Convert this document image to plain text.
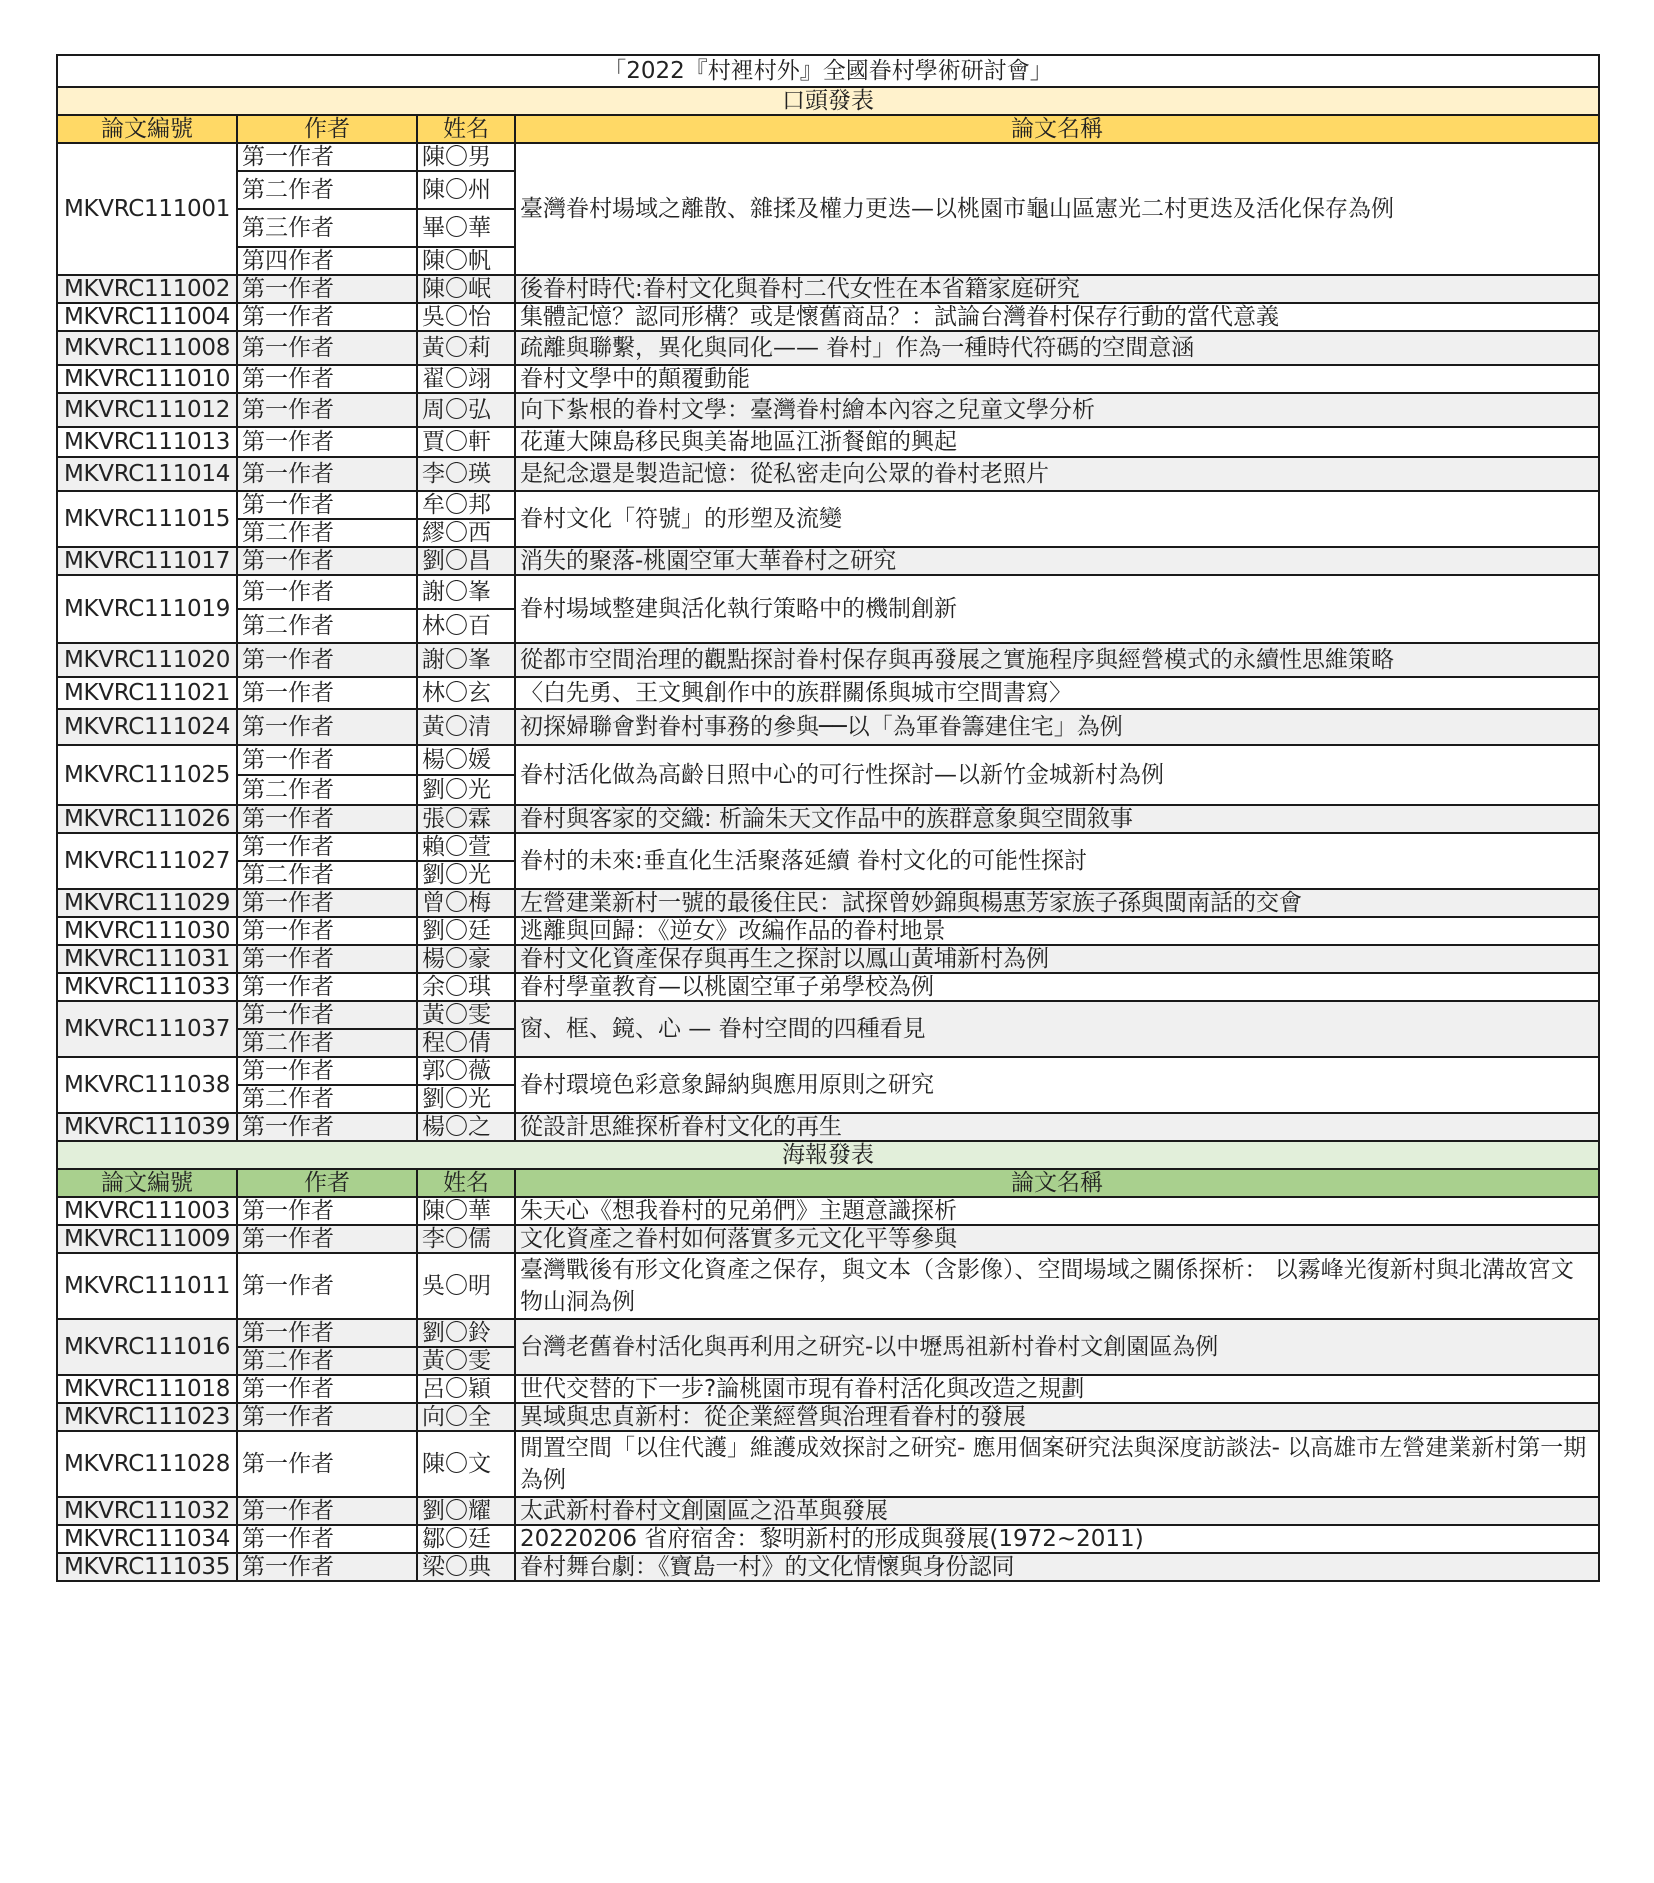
「2022『村裡村外』全國眷村學術研討會」			
口頭發表			
論文編號	作者	姓名	論文名稱
MKVRC111001	第一作者	陳〇男	臺灣眷村場域之離散、雜揉及權力更迭—以桃園市龜山區憲光二村更迭及活化保存為例
	第二作者	陳〇州	
	第三作者	畢〇華	
	第四作者	陳〇帆	
MKVRC111002	第一作者	陳〇岷	後眷村時代:眷村文化與眷村二代女性在本省籍家庭研究
MKVRC111004	第一作者	吳〇怡	集體記憶？認同形構？或是懷舊商品？：試論台灣眷村保存行動的當代意義
MKVRC111008	第一作者	黃〇莉	疏離與聯繫，異化與同化—— 眷村」作為一種時代符碼的空間意涵
MKVRC111010	第一作者	翟〇翊	眷村文學中的顛覆動能
MKVRC111012	第一作者	周〇弘	向下紮根的眷村文學：臺灣眷村繪本內容之兒童文學分析
MKVRC111013	第一作者	賈〇軒	花蓮大陳島移民與美崙地區江浙餐館的興起
MKVRC111014	第一作者	李〇瑛	是紀念還是製造記憶：從私密走向公眾的眷村老照片
MKVRC111015	第一作者	牟〇邦	眷村文化「符號」的形塑及流變
	第二作者	繆〇西	
MKVRC111017	第一作者	劉〇昌	消失的聚落-桃園空軍大華眷村之研究
MKVRC111019	第一作者	謝〇峯	眷村場域整建與活化執行策略中的機制創新
	第二作者	林〇百	
MKVRC111020	第一作者	謝〇峯	從都市空間治理的觀點探討眷村保存與再發展之實施程序與經營模式的永續性思維策略
MKVRC111021	第一作者	林〇玄	〈白先勇、王文興創作中的族群關係與城市空間書寫〉
MKVRC111024	第一作者	黃〇清	初探婦聯會對眷村事務的參與──以「為軍眷籌建住宅」為例
MKVRC111025	第一作者	楊〇媛	眷村活化做為高齡日照中心的可行性探討—以新竹金城新村為例
	第二作者	劉〇光	
MKVRC111026	第一作者	張〇霖	眷村與客家的交織: 析論朱天文作品中的族群意象與空間敘事
MKVRC111027	第一作者	賴〇萱	眷村的未來:垂直化生活聚落延續 眷村文化的可能性探討
	第二作者	劉〇光	
MKVRC111029	第一作者	曾〇梅	左營建業新村一號的最後住民：試探曾妙錦與楊惠芳家族子孫與閩南話的交會
MKVRC111030	第一作者	劉〇廷	逃離與回歸：《逆女》改編作品的眷村地景
MKVRC111031	第一作者	楊〇豪	眷村文化資產保存與再生之探討以鳳山黃埔新村為例
MKVRC111033	第一作者	余〇琪	眷村學童教育—以桃園空軍子弟學校為例
MKVRC111037	第一作者	黃〇雯	窗、框、鏡、心 — 眷村空間的四種看見
	第二作者	程〇倩	
MKVRC111038	第一作者	郭〇薇	眷村環境色彩意象歸納與應用原則之研究
	第二作者	劉〇光	
MKVRC111039	第一作者	楊〇之	從設計思維探析眷村文化的再生
海報發表			
論文編號	作者	姓名	論文名稱
MKVRC111003	第一作者	陳〇華	朱天心《想我眷村的兄弟們》主題意識探析
MKVRC111009	第一作者	李〇儒	文化資產之眷村如何落實多元文化平等參與
MKVRC111011	第一作者	吳〇明	臺灣戰後有形文化資產之保存，與文本（含影像）、空間場域之關係探析： 以霧峰光復新村與北溝故宮文物山洞為例
MKVRC111016	第一作者	劉〇鈴	台灣老舊眷村活化與再利用之研究-以中壢馬祖新村眷村文創園區為例
	第二作者	黃〇雯	
MKVRC111018	第一作者	呂〇穎	世代交替的下一步?論桃園市現有眷村活化與改造之規劃
MKVRC111023	第一作者	向〇全	異域與忠貞新村：從企業經營與治理看眷村的發展
MKVRC111028	第一作者	陳〇文	閒置空間「以住代護」維護成效探討之研究- 應用個案研究法與深度訪談法- 以高雄市左營建業新村第一期為例
MKVRC111032	第一作者	劉〇耀	太武新村眷村文創園區之沿革與發展
MKVRC111034	第一作者	鄒〇廷	20220206 省府宿舍：黎明新村的形成與發展(1972~2011)
MKVRC111035	第一作者	梁〇典	眷村舞台劇：《寶島一村》的文化情懷與身份認同
